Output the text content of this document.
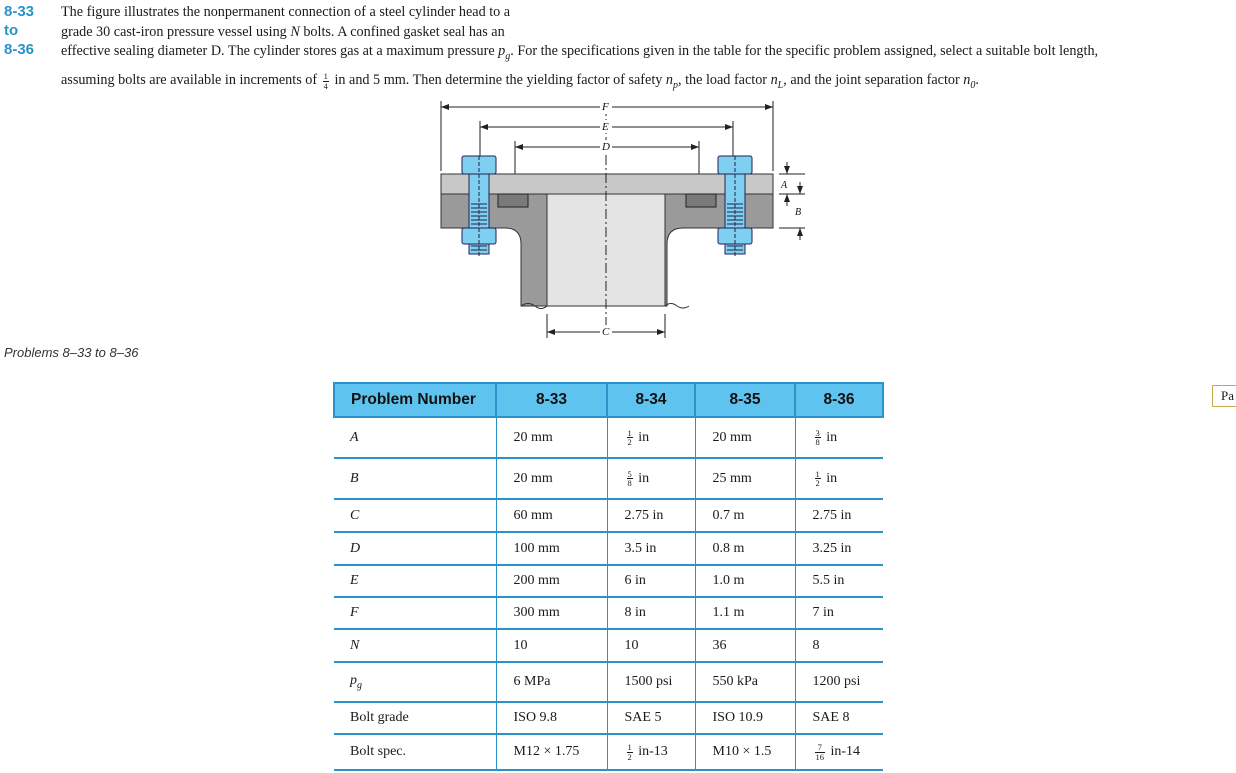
8-33
to
8-36
The figure illustrates the nonpermanent connection of a steel cylinder head to a
grade 30 cast-iron pressure vessel using N bolts. A confined gasket seal has an
effective sealing diameter D. The cylinder stores gas at a maximum pressure $p_g$. For the specifications given in the table for the specific problem assigned, select a suitable bolt length,
assuming bolts are available in increments of $\frac{1}{4}$ in and 5 mm. Then determine the yielding factor of safety $n_p$, the load factor $n_L$, and the joint separation factor $n_0$.
F
E
D
C
A
B
Problems 8–33 to 8–36
Pa
Problem Number	8-33	8-34	8-35	8-36
A	20 mm	$\frac{1}{2}$ in	20 mm	$\frac{3}{8}$ in
B	20 mm	$\frac{5}{8}$ in	25 mm	$\frac{1}{2}$ in
C	60 mm	2.75 in	0.7 m	2.75 in
D	100 mm	3.5 in	0.8 m	3.25 in
E	200 mm	6 in	1.0 m	5.5 in
F	300 mm	8 in	1.1 m	7 in
N	10	10	36	8
$p_g$	6 MPa	1500 psi	550 kPa	1200 psi
Bolt grade	ISO 9.8	SAE 5	ISO 10.9	SAE 8
Bolt spec.	M12 × 1.75	$\frac{1}{2} in-13$	M10 × 1.5	$\frac{7}{16} in-14$
